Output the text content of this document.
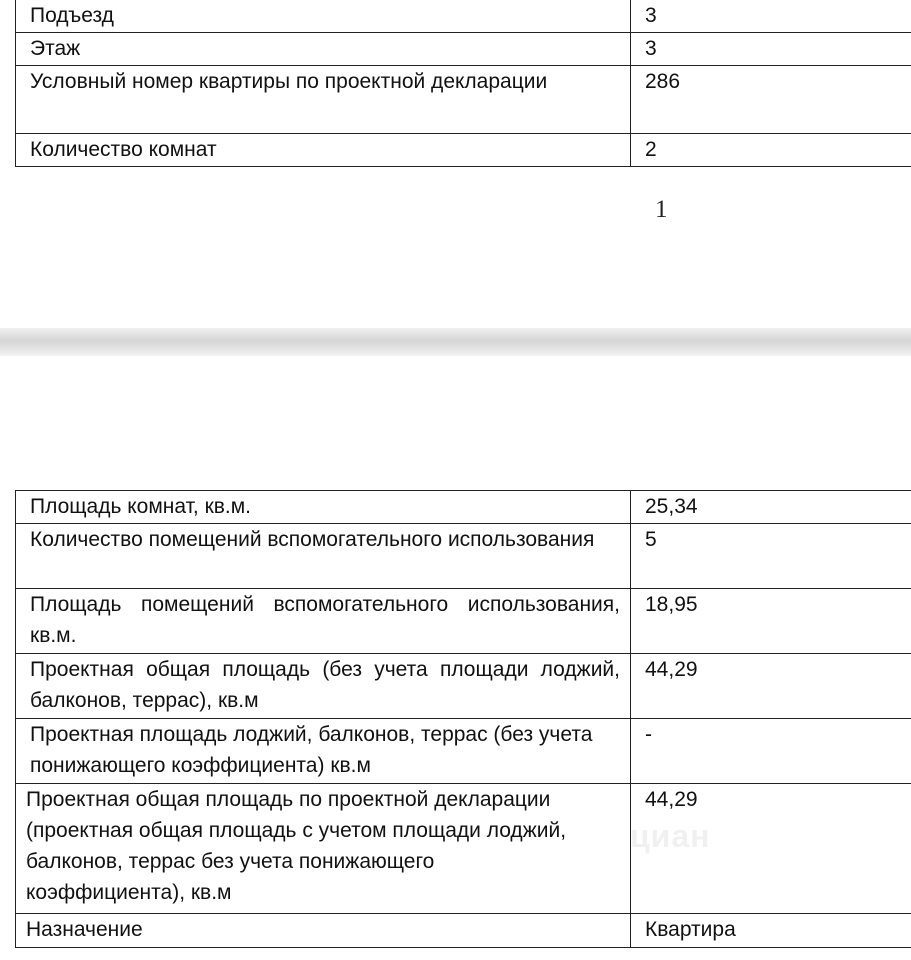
Подъезд	3
Этаж	3
Условный номер квартиры по проектной декларации	286
Количество комнат	2
1
Площадь комнат, кв.м.	25,34
Количество помещений вспомогательного использования	5
Площадь помещений вспомогательного использования, кв.м.	18,95
Проектная общая площадь (без учета площади лоджий, балконов, террас), кв.м	44,29
Проектная площадь лоджий, балконов, террас (без учета понижающего коэффициента) кв.м	-
Проектная общая площадь по проектной декларации (проектная общая площадь с учетом площади лоджий, балконов, террас без учета понижающего коэффициента), кв.м	44,29
Назначение	Квартира
циан
